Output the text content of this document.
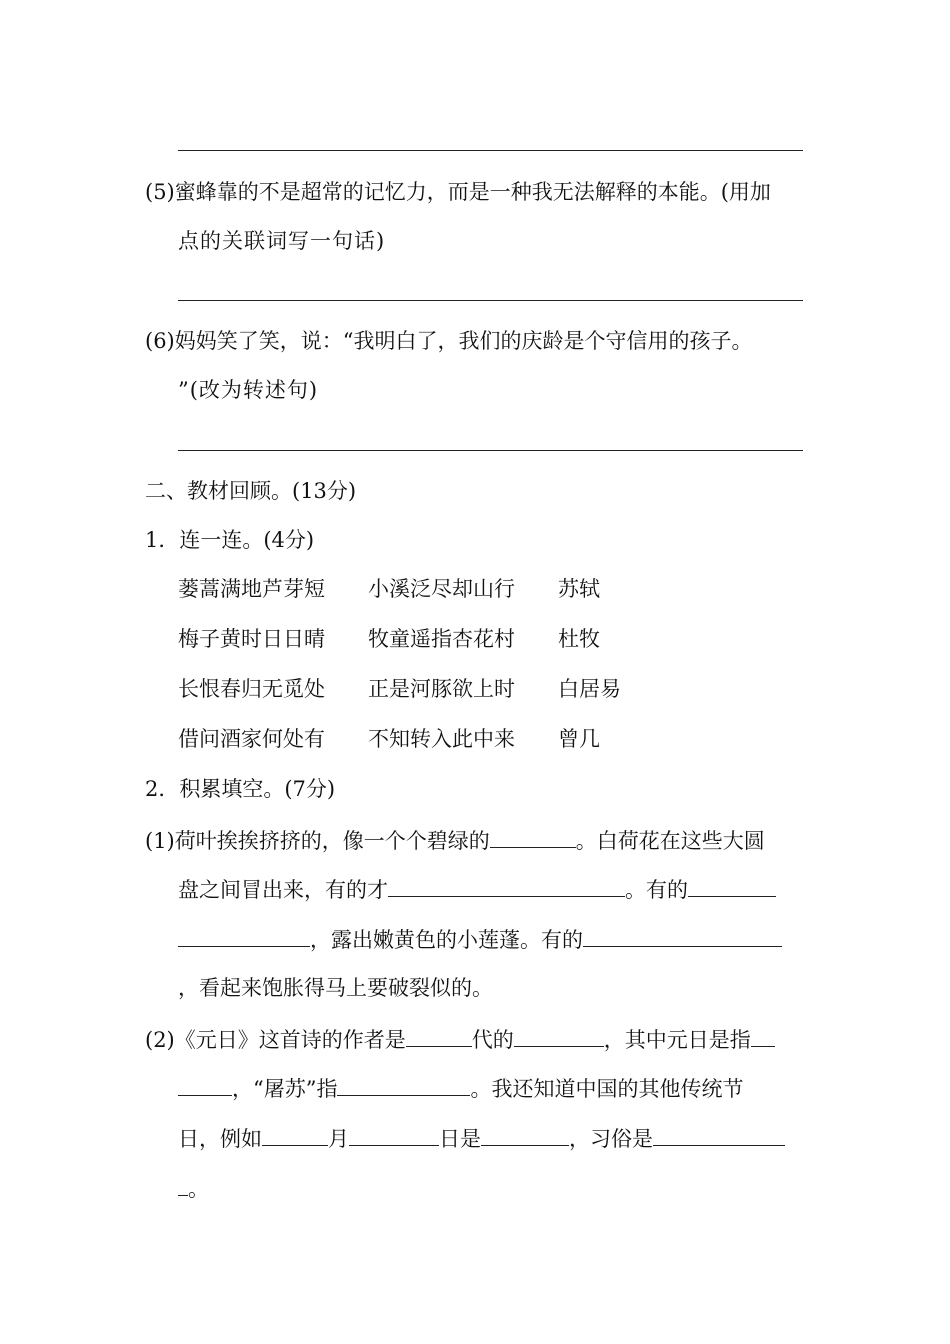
(5)蜜蜂靠的不是超常的记忆力，而是一种我无法解释的本能。(用加
点的关联词写一句话)
(6)妈妈笑了笑，说：“我明白了，我们的庆龄是个守信用的孩子。
”(改为转述句)
二、教材回顾。(13分)
1．连一连。(4分)
蒌蒿满地芦芽短 小溪泛尽却山行 苏轼
梅子黄时日日晴 牧童遥指杏花村 杜牧
长恨春归无觅处 正是河豚欲上时 白居易
借问酒家何处有 不知转入此中来 曾几
2．积累填空。(7分)
(1)荷叶挨挨挤挤的，像一个个碧绿的	。白荷花在这些大圆
盘之间冒出来，有的才	。有的
，露出嫩黄色的小莲蓬。有的
，看起来饱胀得马上要破裂似的。
(2)《元日》这首诗的作者是	代的	，其中元日是指
，“屠苏”指	。我还知道中国的其他传统节
日，例如	月	日是	，习俗是
。
